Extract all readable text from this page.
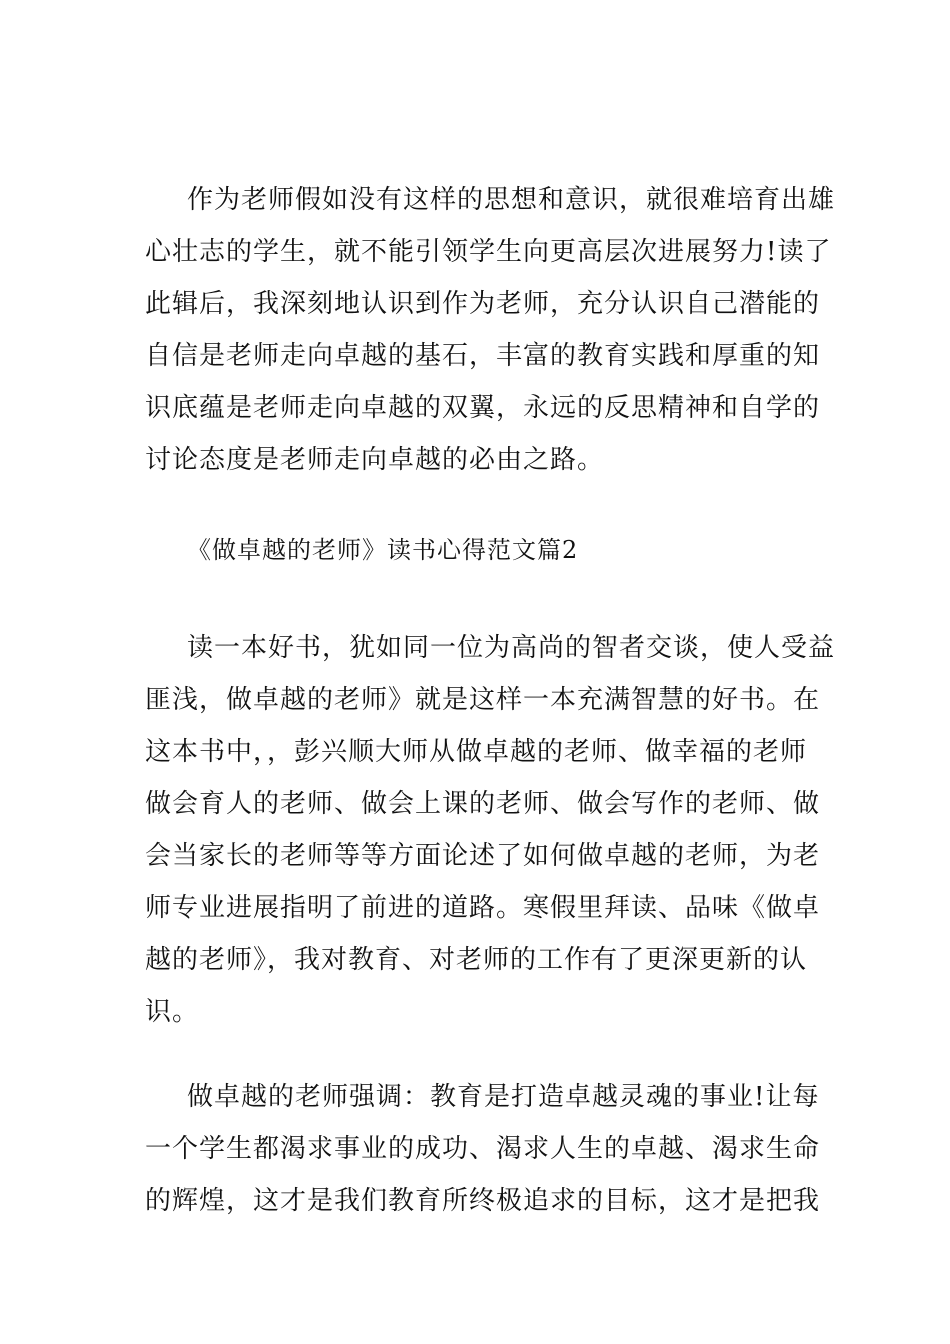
作为老师假如没有这样的思想和意识，就很难培育出雄
心壮志的学生，就不能引领学生向更高层次进展努力!读了
此辑后，我深刻地认识到作为老师，充分认识自己潜能的
自信是老师走向卓越的基石，丰富的教育实践和厚重的知
识底蕴是老师走向卓越的双翼，永远的反思精神和自学的
讨论态度是老师走向卓越的必由之路。
《做卓越的老师》读书心得范文篇2
读一本好书，犹如同一位为高尚的智者交谈，使人受益
匪浅，做卓越的老师》就是这样一本充满智慧的好书。在
这本书中，，彭兴顺大师从做卓越的老师、做幸福的老师
做会育人的老师、做会上课的老师、做会写作的老师、做
会当家长的老师等等方面论述了如何做卓越的老师，为老
师专业进展指明了前进的道路。寒假里拜读、品味《做卓
越的老师》，我对教育、对老师的工作有了更深更新的认
识。
做卓越的老师强调：教育是打造卓越灵魂的事业!让每
一个学生都渴求事业的成功、渴求人生的卓越、渴求生命
的辉煌，这才是我们教育所终极追求的目标，这才是把我
